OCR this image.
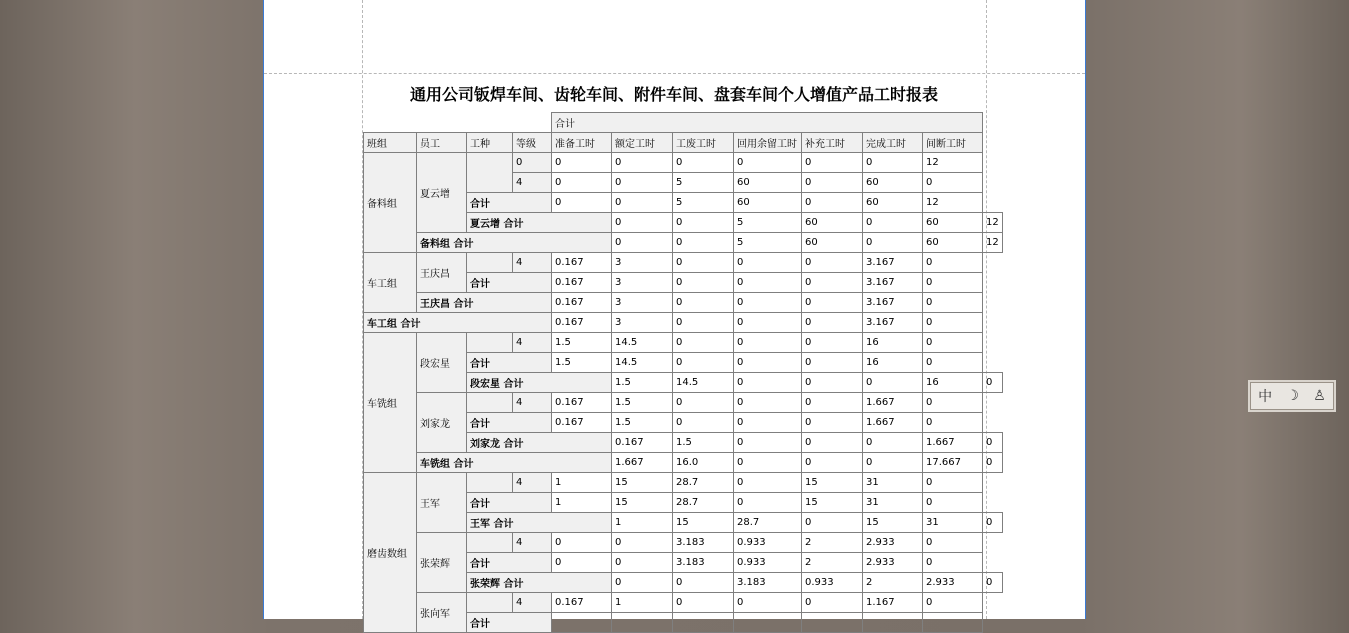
通用公司钣焊车间、齿轮车间、附件车间、盘套车间个人增值产品工时报表
				合计							
班组	员工	工种	等级	准备工时	额定工时	工废工时	回用余留工时	补充工时	完成工时	间断工时	
备料组	夏云增		0	0	0	0	0	0	0	12	
			4	0	0	5	60	0	60	0	
		合计		0	0	5	60	0	60	12	
		夏云增 合计			0	0	5	60	0	60	12
	备料组 合计				0	0	5	60	0	60	12
车工组	王庆昌		4	0.167	3	0	0	0	3.167	0	
		合计		0.167	3	0	0	0	3.167	0	
	王庆昌 合计			0.167	3	0	0	0	3.167	0	
车工组 合计				0.167	3	0	0	0	3.167	0	
车铣组	段宏星		4	1.5	14.5	0	0	0	16	0	
		合计		1.5	14.5	0	0	0	16	0	
		段宏星 合计			1.5	14.5	0	0	0	16	0
	刘家龙		4	0.167	1.5	0	0	0	1.667	0	
		合计		0.167	1.5	0	0	0	1.667	0	
		刘家龙 合计			0.167	1.5	0	0	0	1.667	0
	车铣组 合计				1.667	16.0	0	0	0	17.667	0
磨齿数组	王军		4	1	15	28.7	0	15	31	0	
		合计		1	15	28.7	0	15	31	0	
		王军 合计			1	15	28.7	0	15	31	0
	张荣辉		4	0	0	3.183	0.933	2	2.933	0	
		合计		0	0	3.183	0.933	2	2.933	0	
		张荣辉 合计			0	0	3.183	0.933	2	2.933	0
	张向军		4	0.167	1	0	0	0	1.167	0	
		合计									
中 ☽ ♙
